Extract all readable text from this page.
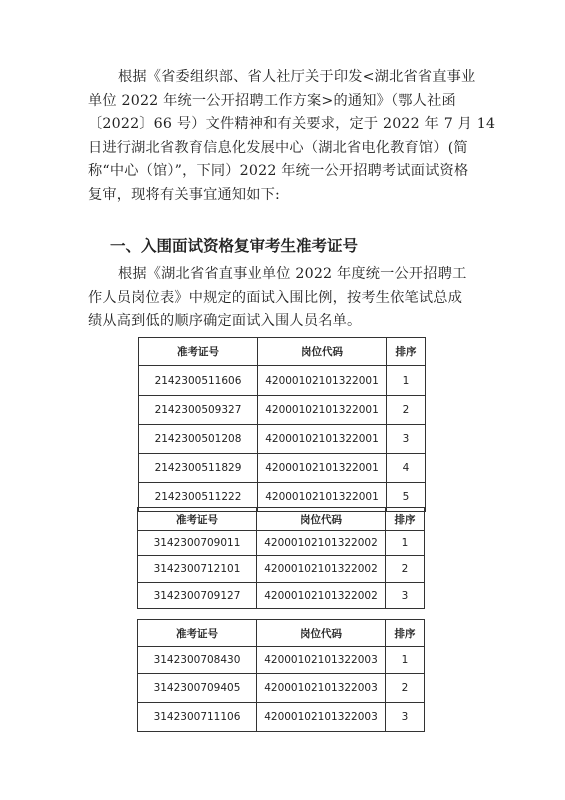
根据《省委组织部、省人社厅关于印发<湖北省省直事业
单位 2022 年统一公开招聘工作方案>的通知》（鄂人社函
〔2022〕66 号）文件精神和有关要求，定于 2022 年 7 月 14
日进行湖北省教育信息化发展中心（湖北省电化教育馆）(简
称“中心（馆）”，下同）2022 年统一公开招聘考试面试资格
复审，现将有关事宜通知如下:

一、入围面试资格复审考生准考证号

根据《湖北省省直事业单位 2022 年度统一公开招聘工
作人员岗位表》中规定的面试入围比例，按考生依笔试总成
绩从高到低的顺序确定面试入围人员名单。

准考证号	岗位代码	排序
2142300511606	42000102101322001	1
2142300509327	42000102101322001	2
2142300501208	42000102101322001	3
2142300511829	42000102101322001	4
2142300511222	42000102101322001	5
准考证号	岗位代码	排序
3142300709011	42000102101322002	1
3142300712101	42000102101322002	2
3142300709127	42000102101322002	3
准考证号	岗位代码	排序
3142300708430	42000102101322003	1
3142300709405	42000102101322003	2
3142300711106	42000102101322003	3
